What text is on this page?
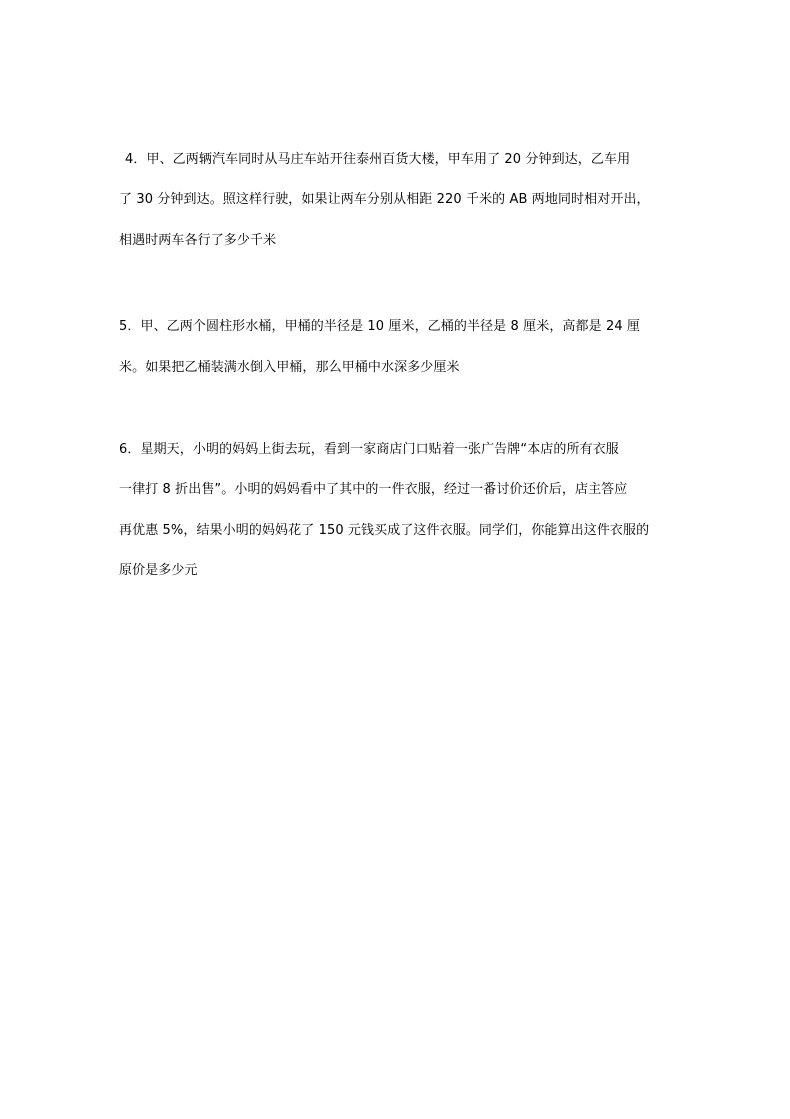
4．甲、乙两辆汽车同时从马庄车站开往泰州百货大楼，甲车用了 20 分钟到达，乙车用
了 30 分钟到达。照这样行驶，如果让两车分别从相距 220 千米的 AB 两地同时相对开出，
相遇时两车各行了多少千米
5．甲、乙两个圆柱形水桶，甲桶的半径是 10 厘米，乙桶的半径是 8 厘米，高都是 24 厘
米。如果把乙桶装满水倒入甲桶，那么甲桶中水深多少厘米
6．星期天，小明的妈妈上街去玩，看到一家商店门口贴着一张广告牌“本店的所有衣服
一律打 8 折出售”。小明的妈妈看中了其中的一件衣服，经过一番讨价还价后，店主答应
再优惠 5%，结果小明的妈妈花了 150 元钱买成了这件衣服。同学们，你能算出这件衣服的
原价是多少元
